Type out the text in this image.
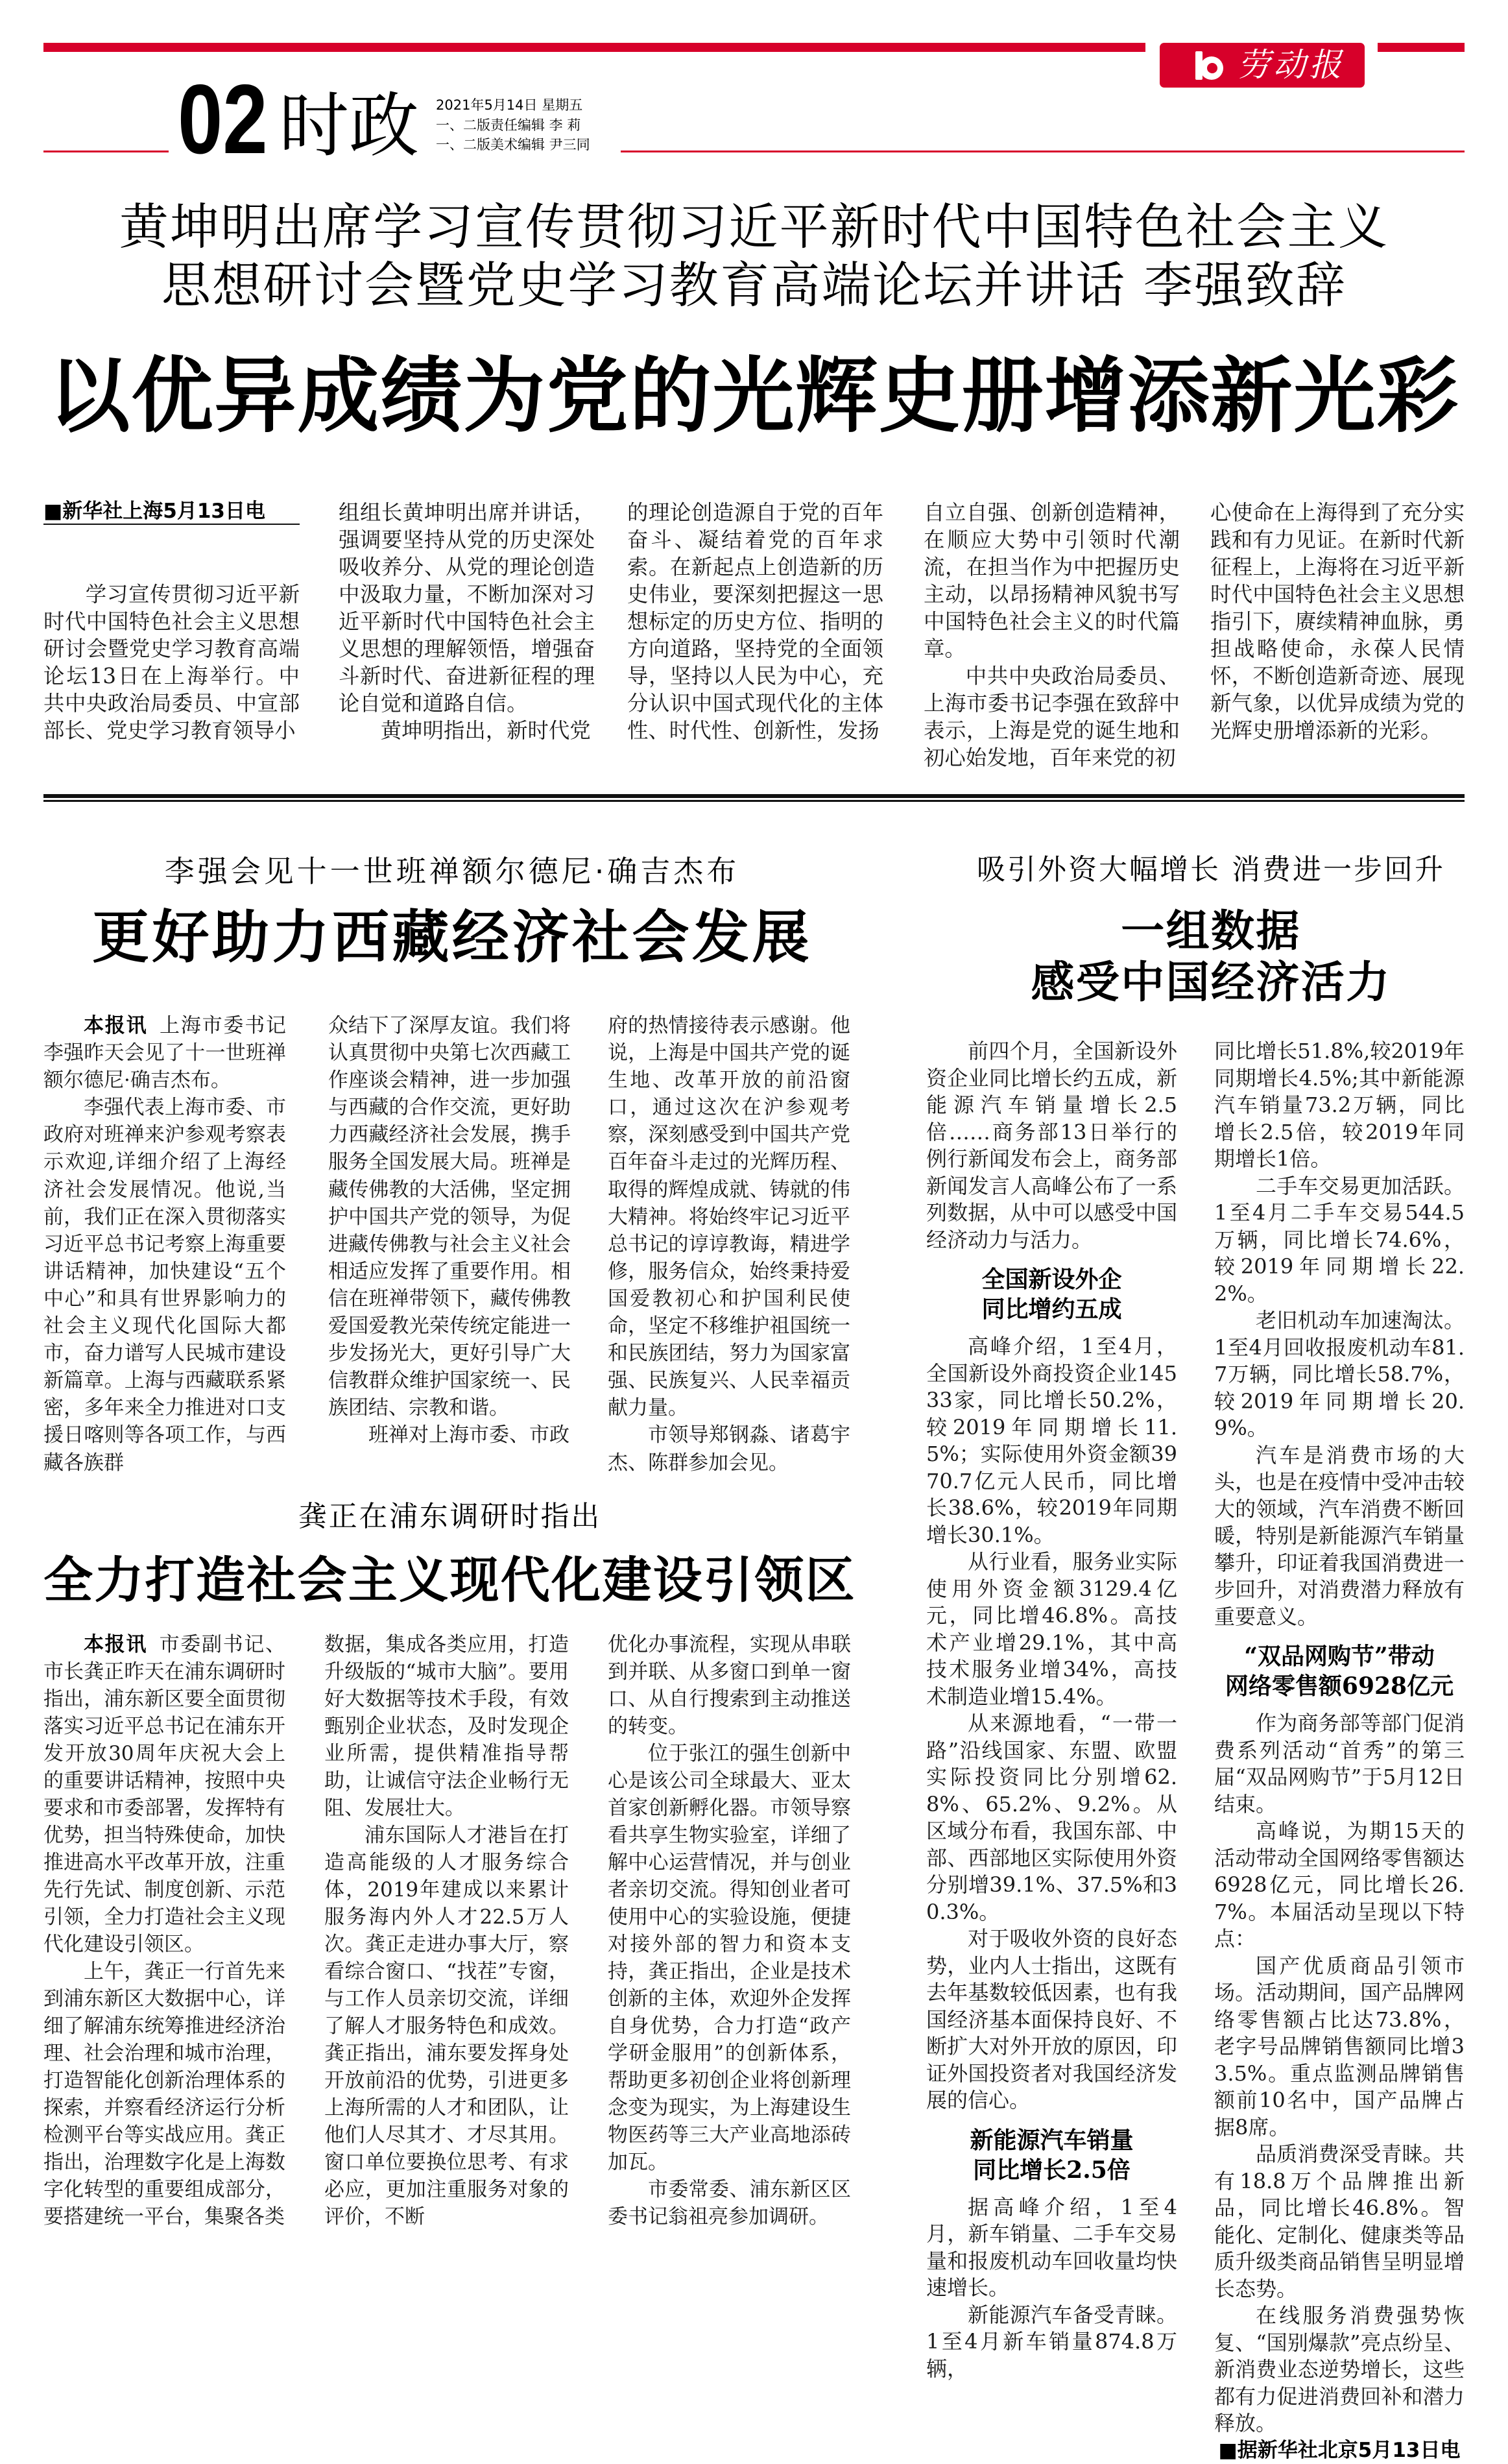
劳动报
02 时政 2021年5月14日 星期五
一、二版责任编辑 李 莉
一、二版美术编辑 尹三同
黄坤明出席学习宣传贯彻习近平新时代中国特色社会主义
思想研讨会暨党史学习教育高端论坛并讲话 李强致辞
以优异成绩为党的光辉史册增添新光彩
■新华社上海5月13日电

学习宣传贯彻习近平新时代中国特色社会主义思想研讨会暨党史学习教育高端论坛13日在上海举行。中共中央政治局委员、中宣部部长、党史学习教育领导小

组组长黄坤明出席并讲话，强调要坚持从党的历史深处吸收养分、从党的理论创造中汲取力量，不断加深对习近平新时代中国特色社会主义思想的理解领悟，增强奋斗新时代、奋进新征程的理论自觉和道路自信。

黄坤明指出，新时代党

的理论创造源自于党的百年奋斗、凝结着党的百年求索。在新起点上创造新的历史伟业，要深刻把握这一思想标定的历史方位、指明的方向道路，坚持党的全面领导，坚持以人民为中心，充分认识中国式现代化的主体性、时代性、创新性，发扬

自立自强、创新创造精神，在顺应大势中引领时代潮流，在担当作为中把握历史主动，以昂扬精神风貌书写中国特色社会主义的时代篇章。

中共中央政治局委员、上海市委书记李强在致辞中表示，上海是党的诞生地和初心始发地，百年来党的初

心使命在上海得到了充分实践和有力见证。在新时代新征程上，上海将在习近平新时代中国特色社会主义思想指引下，赓续精神血脉，勇担战略使命，永葆人民情怀，不断创造新奇迹、展现新气象，以优异成绩为党的光辉史册增添新的光彩。

李强会见十一世班禅额尔德尼·确吉杰布
更好助力西藏经济社会发展

本报讯 上海市委书记李强昨天会见了十一世班禅额尔德尼·确吉杰布。

李强代表上海市委、市政府对班禅来沪参观考察表示欢迎,详细介绍了上海经济社会发展情况。他说,当前，我们正在深入贯彻落实习近平总书记考察上海重要讲话精神，加快建设“五个中心”和具有世界影响力的社会主义现代化国际大都市，奋力谱写人民城市建设新篇章。上海与西藏联系紧密，多年来全力推进对口支援日喀则等各项工作，与西藏各族群

众结下了深厚友谊。我们将认真贯彻中央第七次西藏工作座谈会精神，进一步加强与西藏的合作交流，更好助力西藏经济社会发展，携手服务全国发展大局。班禅是藏传佛教的大活佛，坚定拥护中国共产党的领导，为促进藏传佛教与社会主义社会相适应发挥了重要作用。相信在班禅带领下，藏传佛教爱国爱教光荣传统定能进一步发扬光大，更好引导广大信教群众维护国家统一、民族团结、宗教和谐。

班禅对上海市委、市政

府的热情接待表示感谢。他说，上海是中国共产党的诞生地、改革开放的前沿窗口，通过这次在沪参观考察，深刻感受到中国共产党百年奋斗走过的光辉历程、取得的辉煌成就、铸就的伟大精神。将始终牢记习近平总书记的谆谆教诲，精进学修，服务信众，始终秉持爱国爱教初心和护国利民使命，坚定不移维护祖国统一和民族团结，努力为国家富强、民族复兴、人民幸福贡献力量。

市领导郑钢淼、诸葛宇杰、陈群参加会见。

吸引外资大幅增长 消费进一步回升
一组数据
感受中国经济活力

前四个月，全国新设外资企业同比增长约五成，新能源汽车销量增长2.5倍……商务部13日举行的例行新闻发布会上，商务部新闻发言人高峰公布了一系列数据，从中可以感受中国经济动力与活力。

全国新设外企
同比增约五成

高峰介绍，1至4月，全国新设外商投资企业14533家，同比增长50.2%，较2019年同期增长11.5%；实际使用外资金额3970.7亿元人民币，同比增长38.6%，较2019年同期增长30.1%。

从行业看，服务业实际使用外资金额3129.4亿元，同比增46.8%。高技术产业增29.1%，其中高技术服务业增34%，高技术制造业增15.4%。

从来源地看，“一带一路”沿线国家、东盟、欧盟实际投资同比分别增62.8%、65.2%、9.2%。从区域分布看，我国东部、中部、西部地区实际使用外资分别增39.1%、37.5%和30.3%。

对于吸收外资的良好态势，业内人士指出，这既有去年基数较低因素，也有我国经济基本面保持良好、不断扩大对外开放的原因，印证外国投资者对我国经济发展的信心。

新能源汽车销量
同比增长2.5倍

据高峰介绍，1至4月，新车销量、二手车交易量和报废机动车回收量均快速增长。

新能源汽车备受青睐。1至4月新车销量874.8万辆，

同比增长51.8%,较2019年同期增长4.5%;其中新能源汽车销量73.2万辆，同比增长2.5倍，较2019年同期增长1倍。

二手车交易更加活跃。1至4月二手车交易544.5万辆，同比增长74.6%，较2019年同期增长22.2%。

老旧机动车加速淘汰。1至4月回收报废机动车81.7万辆，同比增长58.7%，较2019年同期增长20.9%。

汽车是消费市场的大头，也是在疫情中受冲击较大的领域，汽车消费不断回暖，特别是新能源汽车销量攀升，印证着我国消费进一步回升，对消费潜力释放有重要意义。

“双品网购节”带动
网络零售额6928亿元

作为商务部等部门促消费系列活动“首秀”的第三届“双品网购节”于5月12日结束。

高峰说，为期15天的活动带动全国网络零售额达6928亿元，同比增长26.7%。本届活动呈现以下特点：

国产优质商品引领市场。活动期间，国产品牌网络零售额占比达73.8%，老字号品牌销售额同比增33.5%。重点监测品牌销售额前10名中，国产品牌占据8席。

品质消费深受青睐。共有18.8万个品牌推出新品，同比增长46.8%。智能化、定制化、健康类等品质升级类商品销售呈明显增长态势。

在线服务消费强势恢复、“国别爆款”亮点纷呈、新消费业态逆势增长，这些都有力促进消费回补和潜力释放。

■据新华社北京5月13日电
龚正在浦东调研时指出
全力打造社会主义现代化建设引领区

本报讯 市委副书记、市长龚正昨天在浦东调研时指出，浦东新区要全面贯彻落实习近平总书记在浦东开发开放30周年庆祝大会上的重要讲话精神，按照中央要求和市委部署，发挥特有优势，担当特殊使命，加快推进高水平改革开放，注重先行先试、制度创新、示范引领，全力打造社会主义现代化建设引领区。

上午，龚正一行首先来到浦东新区大数据中心，详细了解浦东统筹推进经济治理、社会治理和城市治理，打造智能化创新治理体系的探索，并察看经济运行分析检测平台等实战应用。龚正指出，治理数字化是上海数字化转型的重要组成部分，要搭建统一平台，集聚各类

数据，集成各类应用，打造升级版的“城市大脑”。要用好大数据等技术手段，有效甄别企业状态，及时发现企业所需，提供精准指导帮助，让诚信守法企业畅行无阻、发展壮大。

浦东国际人才港旨在打造高能级的人才服务综合体，2019年建成以来累计服务海内外人才22.5万人次。龚正走进办事大厅，察看综合窗口、“找茬”专窗，与工作人员亲切交流，详细了解人才服务特色和成效。龚正指出，浦东要发挥身处开放前沿的优势，引进更多上海所需的人才和团队，让他们人尽其才、才尽其用。窗口单位要换位思考、有求必应，更加注重服务对象的评价，不断

优化办事流程，实现从串联到并联、从多窗口到单一窗口、从自行搜索到主动推送的转变。

位于张江的强生创新中心是该公司全球最大、亚太首家创新孵化器。市领导察看共享生物实验室，详细了解中心运营情况，并与创业者亲切交流。得知创业者可使用中心的实验设施，便捷对接外部的智力和资本支持，龚正指出，企业是技术创新的主体，欢迎外企发挥自身优势，合力打造“政产学研金服用”的创新体系，帮助更多初创企业将创新理念变为现实，为上海建设生物医药等三大产业高地添砖加瓦。

市委常委、浦东新区区委书记翁祖亮参加调研。
